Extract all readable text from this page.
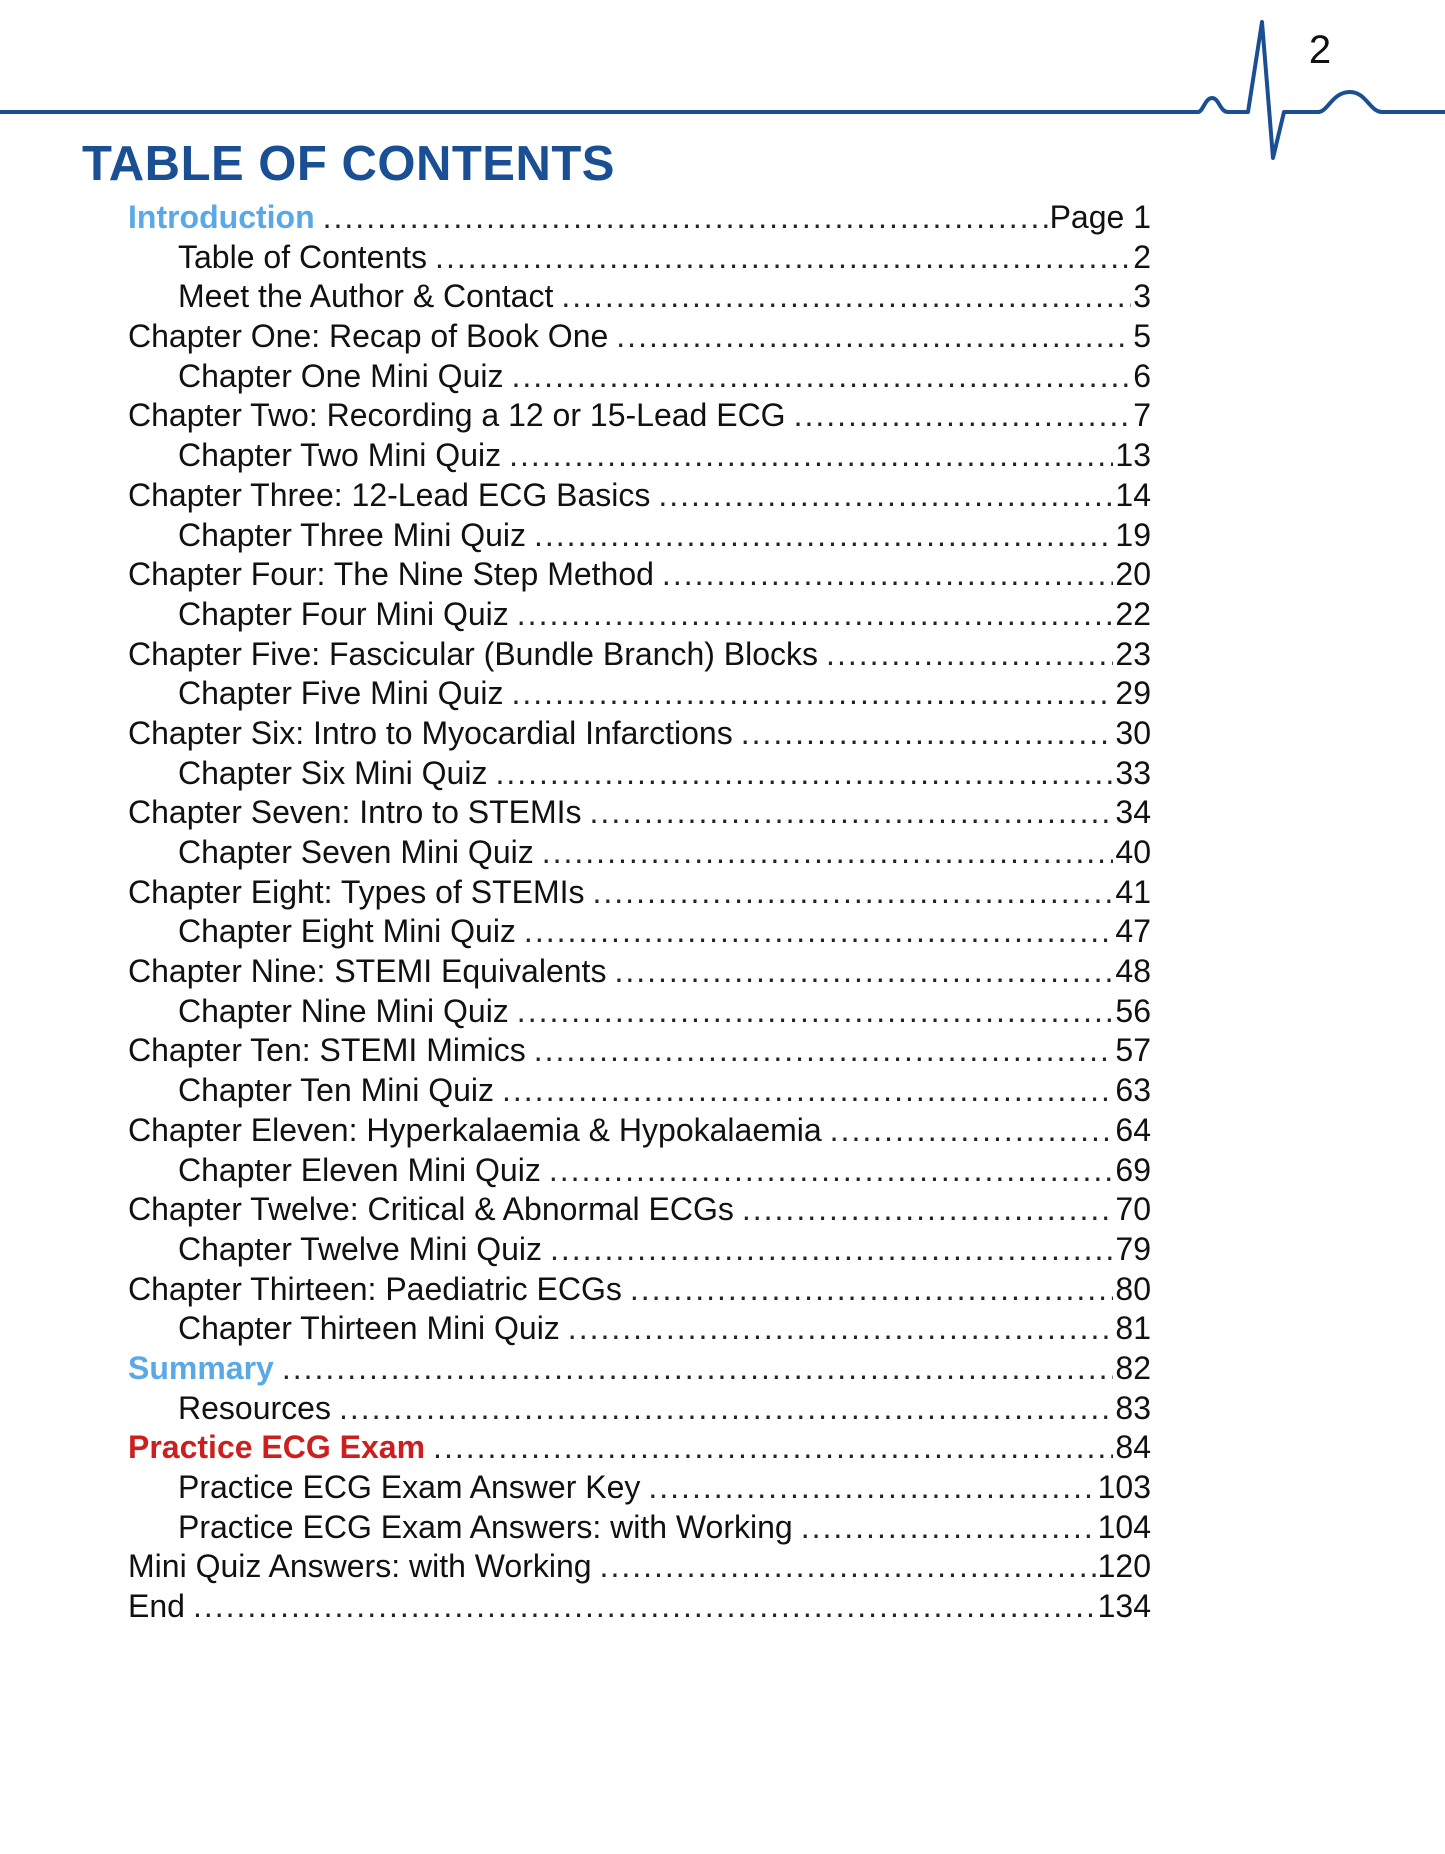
2
TABLE OF CONTENTS
Introduction .....	Page 1
Table of Contents .....	2
Meet the Author & Contact .....	3
Chapter One: Recap of Book One .....	5
Chapter One Mini Quiz .....	6
Chapter Two: Recording a 12 or 15-Lead ECG .....	7
Chapter Two Mini Quiz .....	13
Chapter Three: 12-Lead ECG Basics .....	14
Chapter Three Mini Quiz .....	19
Chapter Four: The Nine Step Method .....	20
Chapter Four Mini Quiz .....	22
Chapter Five: Fascicular (Bundle Branch) Blocks .....	23
Chapter Five Mini Quiz .....	29
Chapter Six: Intro to Myocardial Infarctions .....	30
Chapter Six Mini Quiz .....	33
Chapter Seven: Intro to STEMIs .....	34
Chapter Seven Mini Quiz .....	40
Chapter Eight: Types of STEMIs .....	41
Chapter Eight Mini Quiz .....	47
Chapter Nine: STEMI Equivalents .....	48
Chapter Nine Mini Quiz .....	56
Chapter Ten: STEMI Mimics .....	57
Chapter Ten Mini Quiz .....	63
Chapter Eleven: Hyperkalaemia & Hypokalaemia .....	64
Chapter Eleven Mini Quiz .....	69
Chapter Twelve: Critical & Abnormal ECGs .....	70
Chapter Twelve Mini Quiz .....	79
Chapter Thirteen: Paediatric ECGs .....	80
Chapter Thirteen Mini Quiz .....	81
Summary .....	82
Resources .....	83
Practice ECG Exam .....	84
Practice ECG Exam Answer Key .....	103
Practice ECG Exam Answers: with Working .....	104
Mini Quiz Answers: with Working .....	120
End .....	134
